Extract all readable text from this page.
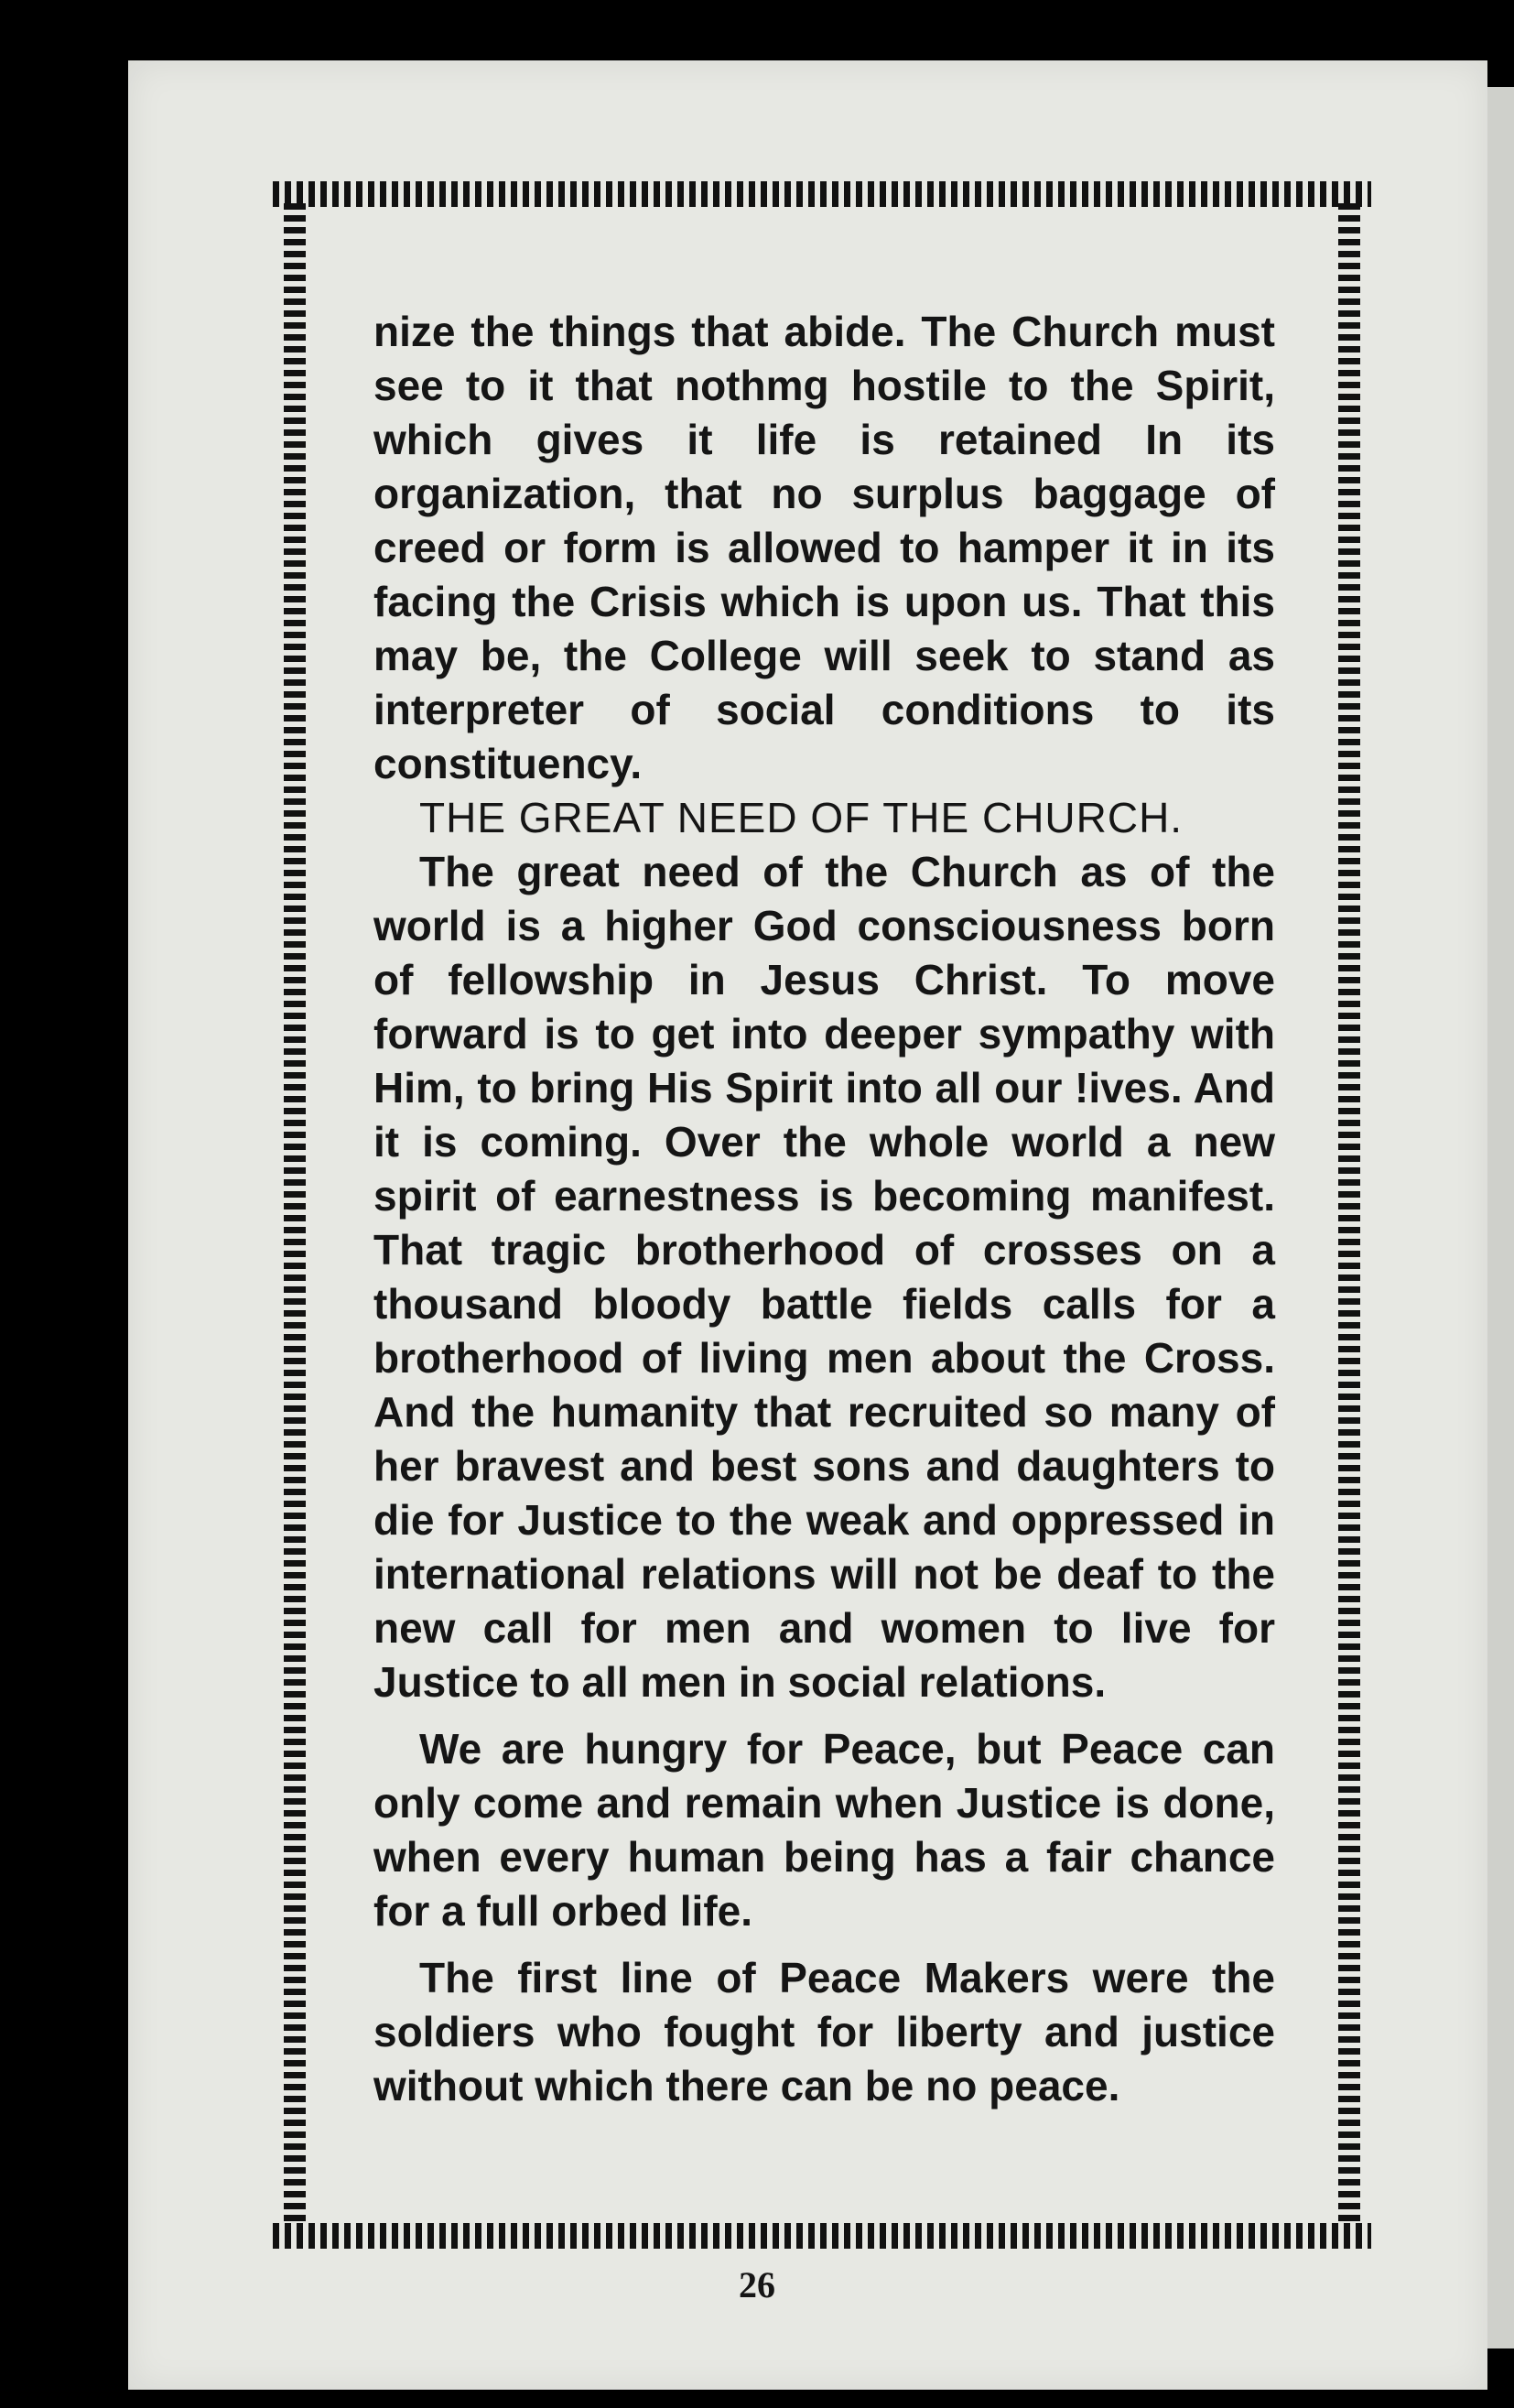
nize the things that abide. The Church must see to it that nothmg hostile to the Spirit, which gives it life is retained In its organization, that no surplus baggage of creed or form is allowed to hamper it in its facing the Crisis which is upon us. That this may be, the College will seek to stand as interpreter of social conditions to its constituency.

THE GREAT NEED OF THE CHURCH.

The great need of the Church as of the world is a higher God consciousness born of fellowship in Jesus Christ. To move forward is to get into deeper sympathy with Him, to bring His Spirit into all our !ives. And it is coming. Over the whole world a new spirit of earnestness is becoming manifest. That tragic brotherhood of crosses on a thousand bloody battle fields calls for a brotherhood of living men about the Cross. And the humanity that recruited so many of her bravest and best sons and daughters to die for Justice to the weak and oppressed in international relations will not be deaf to the new call for men and women to live for Justice to all men in social relations.

We are hungry for Peace, but Peace can only come and remain when Justice is done, when every human being has a fair chance for a full orbed life.

The first line of Peace Makers were the soldiers who fought for liberty and justice without which there can be no peace.

26
